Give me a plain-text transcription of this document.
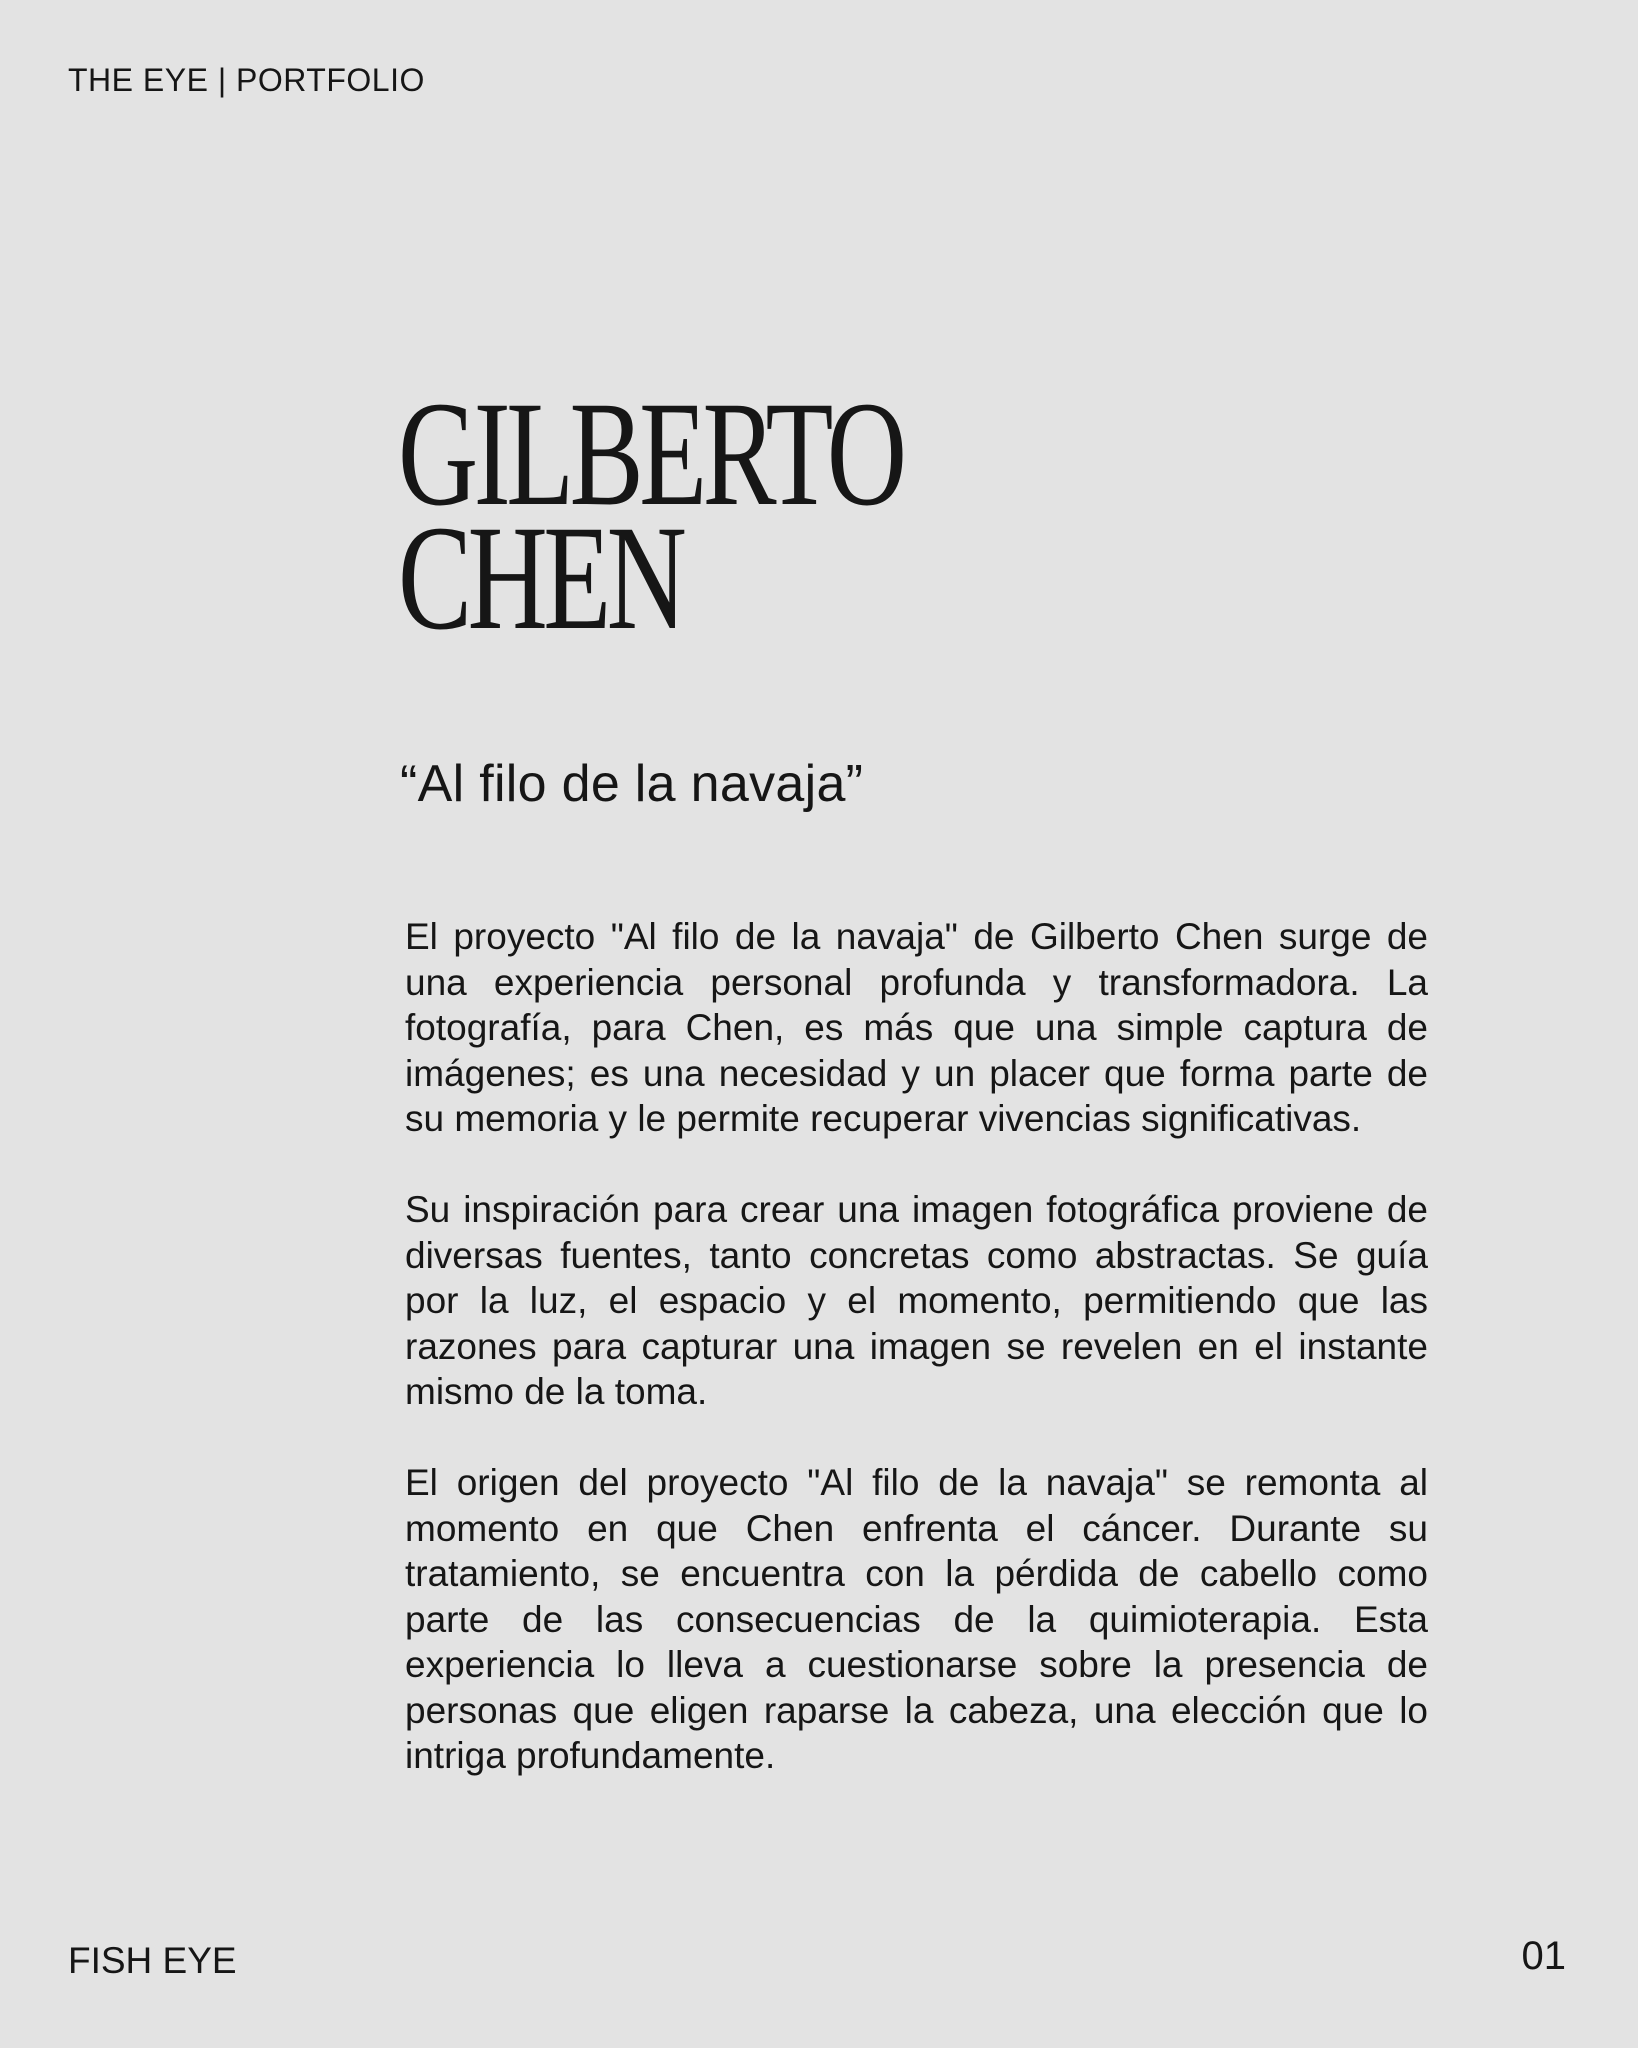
THE EYE | PORTFOLIO
GILBERTO
CHEN
“Al filo de la navaja”

El proyecto "Al filo de la navaja" de Gilberto Chen surge de una experiencia personal profunda y transformadora. La fotografía, para Chen, es más que una simple captura de imágenes; es una necesidad y un placer que forma parte de su memoria y le permite recuperar vivencias significativas.

Su inspiración para crear una imagen fotográfica proviene de diversas fuentes, tanto concretas como abstractas. Se guía por la luz, el espacio y el momento, permitiendo que las razones para capturar una imagen se revelen en el instante mismo de la toma.

El origen del proyecto "Al filo de la navaja" se remonta al momento en que Chen enfrenta el cáncer. Durante su tratamiento, se encuentra con la pérdida de cabello como parte de las consecuencias de la quimioterapia. Esta experiencia lo lleva a cuestionarse sobre la presencia de personas que eligen raparse la cabeza, una elección que lo intriga profundamente.

FISH EYE	01
